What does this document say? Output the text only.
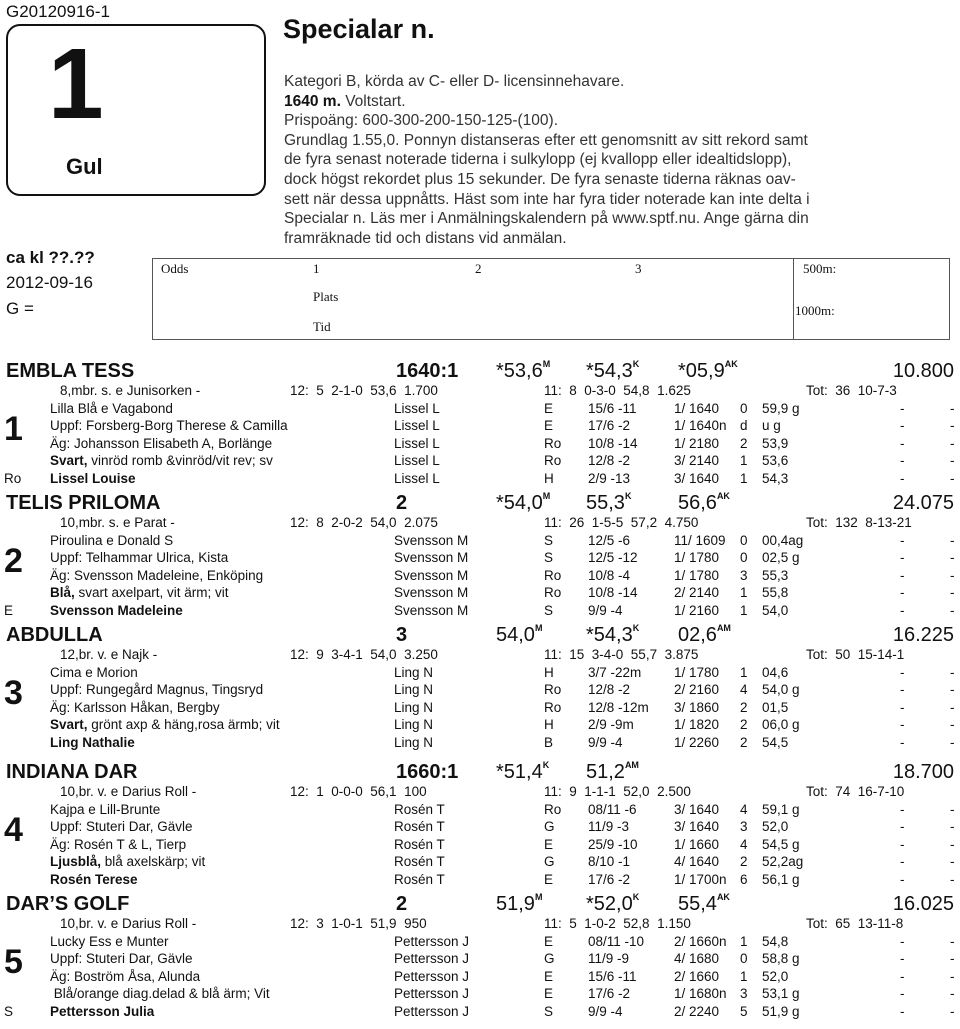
G20120916-1
1
Gul
Specialar n.
Kategori B, körda av C- eller D- licensinnehavare.
1640 m. Voltstart.
Prispoäng: 600-300-200-150-125-(100).
Grundlag 1.55,0. Ponnyn distanseras efter ett genomsnitt av sitt rekord samt
de fyra senast noterade tiderna i sulkylopp (ej kvallopp eller idealtidslopp),
dock högst rekordet plus 15 sekunder. De fyra senaste tiderna räknas oav-
sett när dessa uppnåtts. Häst som inte har fyra tider noterade kan inte delta i
Specialar n. Läs mer i Anmälningskalendern på www.sptf.nu. Ange gärna din
framräknade tid och distans vid anmälan.
ca kl ??.??
2012-09-16
G =
Odds	1	2	3
Plats
Tid
500m:
1000m:
EMBLA TESS	1640:1 $*53,6^M$ $*54,3^K$ $*05,9^{AK}$	10.800
8,mbr. s. e Junisorken -	12:  5  2-1-0  53,6  1.700	11:  8  0-3-0  54,8  1.625	Tot:  36  10-7-3
1
Lilla Blå e Vagabond	Lissel L	E	15/6 -11	1/ 1640 0 59,9 g	-	-
Uppf: Forsberg-Borg Therese & Camilla	Lissel L	E	17/6 -2	1/ 1640n d u g	-	-
Äg: Johansson Elisabeth A, Borlänge	Lissel L	Ro 10/8 -14	1/ 2180 2 53,9	-	-
Svart, vinröd romb &vinröd/vit rev; sv	Lissel L	Ro 12/8 -2	3/ 2140 1 53,6	-	-
Ro Lissel Louise	Lissel L	H	2/9 -13	3/ 1640 1 54,3	-	-
TELIS PRILOMA	2	$*54,0^M$ $55,3^K$ $56,6^{AK}$	24.075
10,mbr. s. e Parat -	12:  8  2-0-2  54,0  2.075	11:  26  1-5-5  57,2  4.750	Tot:  132  8-13-21
2
Piroulina e Donald S	Svensson M	S	12/5 -6	11/ 1609 0 00,4ag	-	-
Uppf: Telhammar Ulrica, Kista	Svensson M	S	12/5 -12	1/ 1780 0 02,5 g	-	-
Äg: Svensson Madeleine, Enköping	Svensson M	Ro 10/8 -4	1/ 1780 3 55,3	-	-
Blå, svart axelpart, vit ärm; vit	Svensson M	Ro 10/8 -14	2/ 2140 1 55,8	-	-
E	Svensson Madeleine	Svensson M	S	9/9 -4	1/ 2160 1 54,0	-	-
ABDULLA	3	$54,0^M$ $*54,3^K$ $02,6^{AM}$	16.225
12,br. v. e Najk -	12:  9  3-4-1  54,0  3.250	11:  15  3-4-0  55,7  3.875	Tot:  50  15-14-1
3
Cima e Morion	Ling N	H	3/7 -22m 1/ 1780 1 04,6	-	-
Uppf: Rungegård Magnus, Tingsryd	Ling N	Ro 12/8 -2	2/ 2160 4 54,0 g	-	-
Äg: Karlsson Håkan, Bergby	Ling N	Ro 12/8 -12m 3/ 1860 2 01,5	-	-
Svart, grönt axp & häng,rosa ärmb; vit	Ling N	H	2/9 -9m	1/ 1820 2 06,0 g	-	-
Ling Nathalie	Ling N	B	9/9 -4	1/ 2260 2 54,5	-	-
INDIANA DAR	1660:1 $*51,4^K$ $51,2^{AM}$	18.700
10,br. v. e Darius Roll -	12:  1  0-0-0  56,1  100	11:  9  1-1-1  52,0  2.500	Tot:  74  16-7-10
4
Kajpa e Lill-Brunte	Rosén T	Ro 08/11 -6	3/ 1640 4 59,1 g	-	-
Uppf: Stuteri Dar, Gävle	Rosén T	G 11/9 -3	3/ 1640 3 52,0	-	-
Äg: Rosén T & L, Tierp	Rosén T	E	25/9 -10	1/ 1660 4 54,5 g	-	-
Ljusblå, blå axelskärp; vit	Rosén T	G 8/10 -1	4/ 1640 2 52,2ag	-	-
Rosén Terese	Rosén T	E	17/6 -2	1/ 1700n 6 56,1 g	-	-
DAR’S GOLF	2	$51,9^M$ $*52,0^K$ $55,4^{AK}$	16.025
10,br. v. e Darius Roll -	12:  3  1-0-1  51,9  950	11:  5  1-0-2  52,8  1.150	Tot:  65  13-11-8
5
Lucky Ess e Munter	Pettersson J	E	08/11 -10 2/ 1660n 1 54,8	-	-
Uppf: Stuteri Dar, Gävle	Pettersson J	G 11/9 -9	4/ 1680 0 58,8 g	-	-
Äg: Boström Åsa, Alunda	Pettersson J	E	15/6 -11	2/ 1660 1 52,0	-	-
Blå/orange diag.delad & blå ärm; Vit	Pettersson J	E	17/6 -2	1/ 1680n 3 53,1 g	-	-
S	Pettersson Julia	Pettersson J	S	9/9 -4	2/ 2240 5 51,9 g	-	-
